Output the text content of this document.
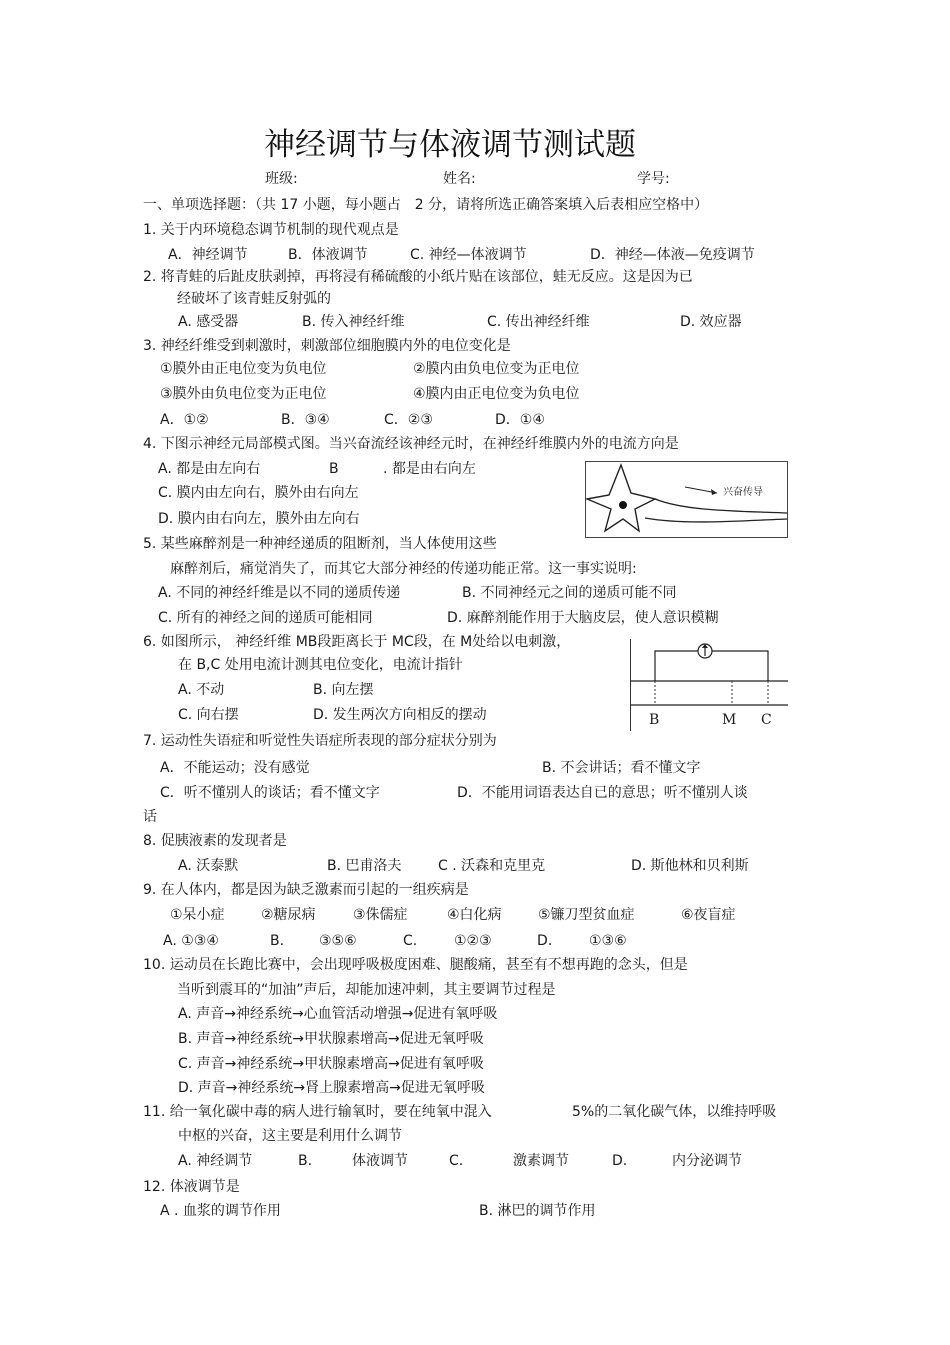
神经调节与体液调节测试题
班级:	姓名:	学号:
一、单项选择题：（共 17 小题，每小题占　2 分，请将所选正确答案填入后表相应空格中）
1. 关于内环境稳态调节机制的现代观点是
A．神经调节	B．体液调节	C. 神经—体液调节	D．神经—体液—免疫调节
2. 将青蛙的后趾皮肤剥掉，再将浸有稀硫酸的小纸片贴在该部位，蛙无反应。这是因为已
经破坏了该青蛙反射弧的
A. 感受器	B. 传入神经纤维	C. 传出神经纤维	D. 效应器
3. 神经纤维受到刺激时，刺激部位细胞膜内外的电位变化是
①膜外由正电位变为负电位	②膜内由负电位变为正电位
③膜外由负电位变为正电位	④膜内由正电位变为负电位
A．①②	B．③④	C．②③	D．①④
4. 下图示神经元局部模式图。当兴奋流经该神经元时，在神经纤维膜内外的电流方向是
A. 都是由左向右	B	. 都是由右向左
C. 膜内由左向右，膜外由右向左
D. 膜内由右向左，膜外由左向右
兴奋传导
5. 某些麻醉剂是一种神经递质的阻断剂，当人体使用这些
麻醉剂后，痛觉消失了，而其它大部分神经的传递功能正常。这一事实说明:
A. 不同的神经纤维是以不同的递质传递	B. 不同神经元之间的递质可能不同
C. 所有的神经之间的递质可能相同	D. 麻醉剂能作用于大脑皮层，使人意识模糊
6. 如图所示， 神经纤维 MB段距离长于 MC段，在 M处给以电刺激，
在 B,C 处用电流计测其电位变化，电流计指针
A. 不动	B. 向左摆
C. 向右摆	D. 发生两次方向相反的摆动	B	M C
7. 运动性失语症和听觉性失语症所表现的部分症状分别为
A．不能运动；没有感觉	B. 不会讲话；看不懂文字
C．听不懂别人的谈话；看不懂文字	D．不能用词语表达自已的意思；听不懂别人谈
话
8. 促胰液素的发现者是
A. 沃泰默	B. 巴甫洛夫	C . 沃森和克里克	D. 斯他林和贝利斯
9. 在人体内，都是因为缺乏激素而引起的一组疾病是
①呆小症	②糖尿病	③侏儒症	④白化病	⑤镰刀型贫血症	⑥夜盲症
A. ①③④	B. ③⑤⑥	C.	①②③	D.	①③⑥
10. 运动员在长跑比赛中，会出现呼吸极度困难、腿酸痛，甚至有不想再跑的念头，但是
当听到震耳的“加油”声后，却能加速冲刺，其主要调节过程是
A. 声音→神经系统→心血管活动增强→促进有氧呼吸
B. 声音→神经系统→甲状腺素增高→促进无氧呼吸
C. 声音→神经系统→甲状腺素增高→促进有氧呼吸
D. 声音→神经系统→肾上腺素增高→促进无氧呼吸
11. 给一氧化碳中毒的病人进行输氧时，要在纯氧中混入	5%的二氧化碳气体，以维持呼吸
中枢的兴奋，这主要是利用什么调节
A. 神经调节	B.	体液调节	C.	激素调节	D.	内分泌调节
12. 体液调节是
A . 血浆的调节作用	B. 淋巴的调节作用
